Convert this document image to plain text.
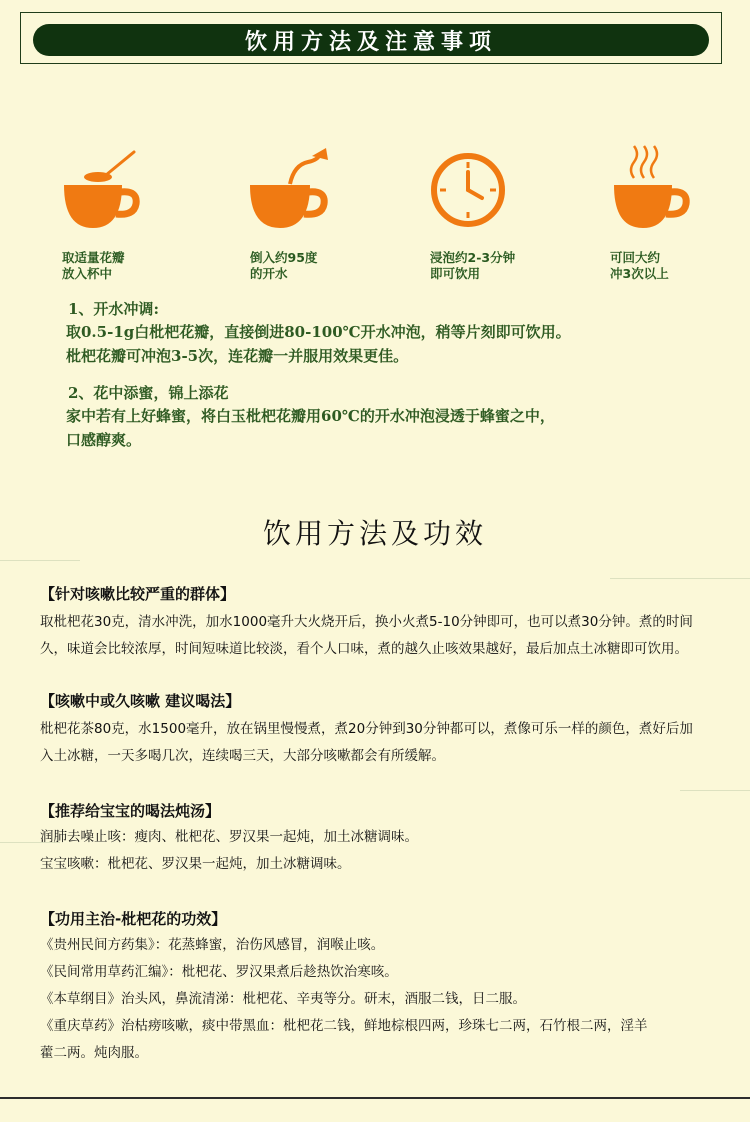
饮用方法及注意事项
取适量花瓣
放入杯中
倒入约95度
的开水
浸泡约2-3分钟
即可饮用
可回大约
冲3次以上
1、开水冲调:
取0.5-1g白枇杷花瓣，直接倒进80-100℃开水冲泡，稍等片刻即可饮用。
枇杷花瓣可冲泡3-5次，连花瓣一并服用效果更佳。
2、花中添蜜，锦上添花
家中若有上好蜂蜜，将白玉枇杷花瓣用60℃的开水冲泡浸透于蜂蜜之中，
口感醇爽。
饮用方法及功效
【针对咳嗽比较严重的群体】
取枇杷花30克，清水冲洗，加水1000毫升大火烧开后，换小火煮5-10分钟即可，也可以煮30分钟。煮的时间
久，味道会比较浓厚，时间短味道比较淡，看个人口味，煮的越久止咳效果越好，最后加点土冰糖即可饮用。
【咳嗽中或久咳嗽 建议喝法】
枇杷花茶80克，水1500毫升，放在锅里慢慢煮，煮20分钟到30分钟都可以，煮像可乐一样的颜色，煮好后加
入土冰糖，一天多喝几次，连续喝三天，大部分咳嗽都会有所缓解。
【推荐给宝宝的喝法炖汤】
润肺去噪止咳：瘦肉、枇杷花、罗汉果一起炖，加土冰糖调味。
宝宝咳嗽：枇杷花、罗汉果一起炖，加土冰糖调味。
【功用主治-枇杷花的功效】
《贵州民间方药集》：花蒸蜂蜜，治伤风感冒，润喉止咳。
《民间常用草药汇编》：枇杷花、罗汉果煮后趁热饮治寒咳。
《本草纲目》治头风，鼻流清涕：枇杷花、辛夷等分。研末，酒服二钱，日二服。
《重庆草药》治枯痨咳嗽，痰中带黑血：枇杷花二钱，鲜地棕根四两，珍珠七二两，石竹根二两，淫羊
藿二两。炖肉服。
